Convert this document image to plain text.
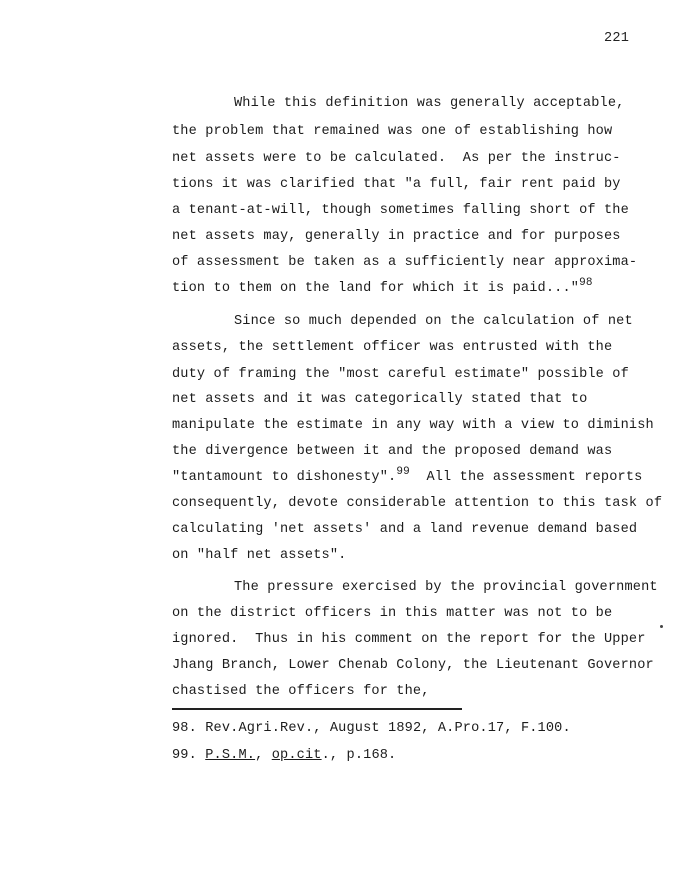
221
While this definition was generally acceptable,
the problem that remained was one of establishing how
net assets were to be calculated.  As per the instruc-
tions it was clarified that "a full, fair rent paid by
a tenant-at-will, though sometimes falling short of the
net assets may, generally in practice and for purposes
of assessment be taken as a sufficiently near approxima-
tion to them on the land for which it is paid..."$^{98}$
Since so much depended on the calculation of net
assets, the settlement officer was entrusted with the
duty of framing the "most careful estimate" possible of
net assets and it was categorically stated that to
manipulate the estimate in any way with a view to diminish
the divergence between it and the proposed demand was
"tantamount to dishonesty".$^{99}$  All the assessment reports
consequently, devote considerable attention to this task of
calculating 'net assets' and a land revenue demand based
on "half net assets".
The pressure exercised by the provincial government
on the district officers in this matter was not to be
ignored.  Thus in his comment on the report for the Upper
Jhang Branch, Lower Chenab Colony, the Lieutenant Governor
chastised the officers for the,
98. Rev.Agri.Rev., August 1892, A.Pro.17, F.100.
99. P.S.M., op.cit., p.168.
